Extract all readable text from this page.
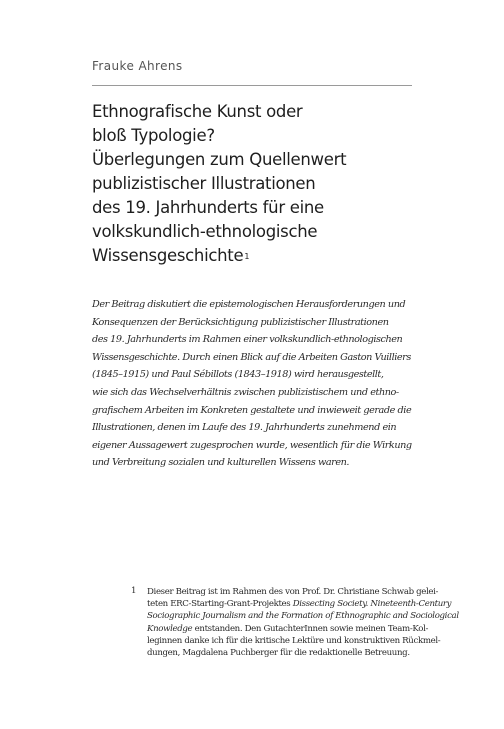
Frauke Ahrens
Ethnografische Kunst oder
bloß Typologie?
Überlegungen zum Quellenwert
publizistischer Illustrationen
des 19. Jahrhunderts für eine
volkskundlich-ethnologische
Wissensgeschichte$^1$
Der Beitrag diskutiert die epistemologischen Herausforderungen und
Konsequenzen der Berücksichtigung publizistischer Illustrationen
des 19. Jahrhunderts im Rahmen einer volkskundlich-ethnologischen
Wissensgeschichte. Durch einen Blick auf die Arbeiten Gaston Vuilliers
(1845–1915) und Paul Sébillots (1843–1918) wird herausgestellt,
wie sich das Wechselverhältnis zwischen publizistischem und ethno-
grafischem Arbeiten im Konkreten gestaltete und inwieweit gerade die
Illustrationen, denen im Laufe des 19. Jahrhunderts zunehmend ein
eigener Aussagewert zugesprochen wurde, wesentlich für die Wirkung
und Verbreitung sozialen und kulturellen Wissens waren.
1 Dieser Beitrag ist im Rahmen des von Prof. Dr. Christiane Schwab gelei-
teten ERC-Starting-Grant-Projektes Dissecting Society. Nineteenth-Century
Sociographic Journalism and the Formation of Ethnographic and Sociological
Knowledge entstanden. Den GutachterInnen sowie meinen Team-Kol-
leginnen danke ich für die kritische Lektüre und konstruktiven Rückmel-
dungen, Magdalena Puchberger für die redaktionelle Betreuung.
